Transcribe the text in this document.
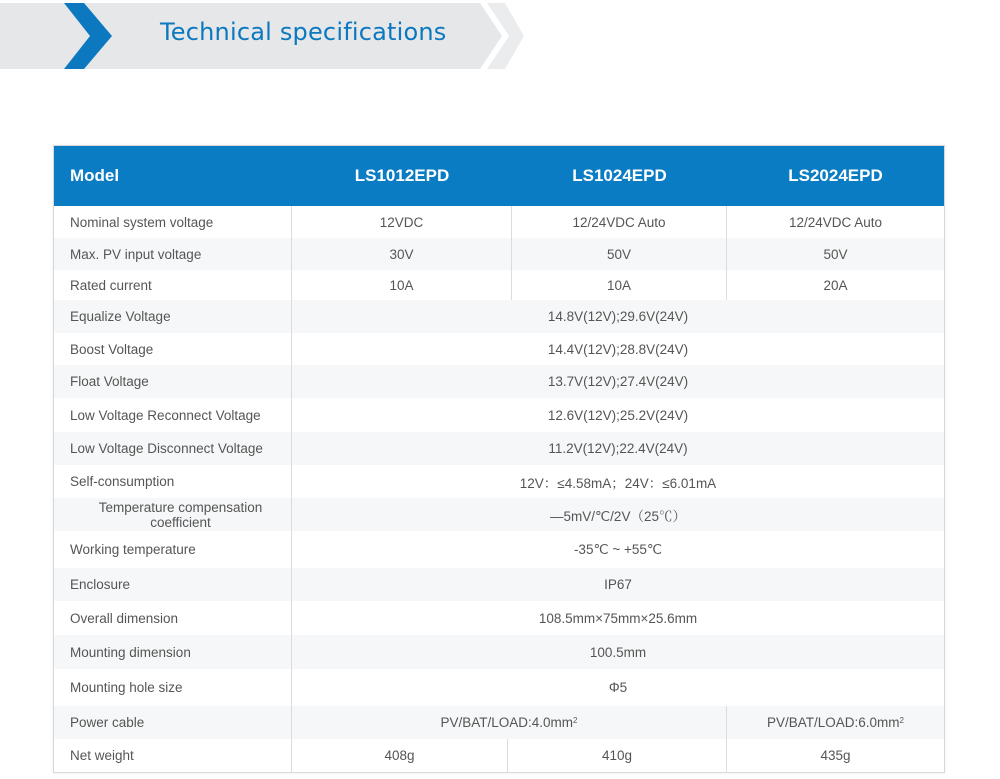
Technical specifications
Model	LS1012EPD	LS1024EPD	LS2024EPD
Nominal system voltage	12VDC	12/24VDC Auto	12/24VDC Auto
Max. PV input voltage	30V	50V	50V
Rated current	10A	10A	20A
Equalize Voltage	14.8V(12V);29.6V(24V)
Boost Voltage	14.4V(12V);28.8V(24V)
Float Voltage	13.7V(12V);27.4V(24V)
Low Voltage Reconnect Voltage	12.6V(12V);25.2V(24V)
Low Voltage Disconnect Voltage	11.2V(12V);22.4V(24V)
Self-consumption	12V：≤4.58mA；24V：≤6.01mA
Temperature compensation coefficient	—5mV/℃/2V（25℃）
Working temperature	-35℃ ~ +55℃
Enclosure	IP67
Overall dimension	108.5mm×75mm×25.6mm
Mounting dimension	100.5mm
Mounting hole size	Φ5
Power cable	$PV/BAT/LOAD:4.0mm^2$	$PV/BAT/LOAD:6.0mm^2$
Net weight	408g	410g	435g
